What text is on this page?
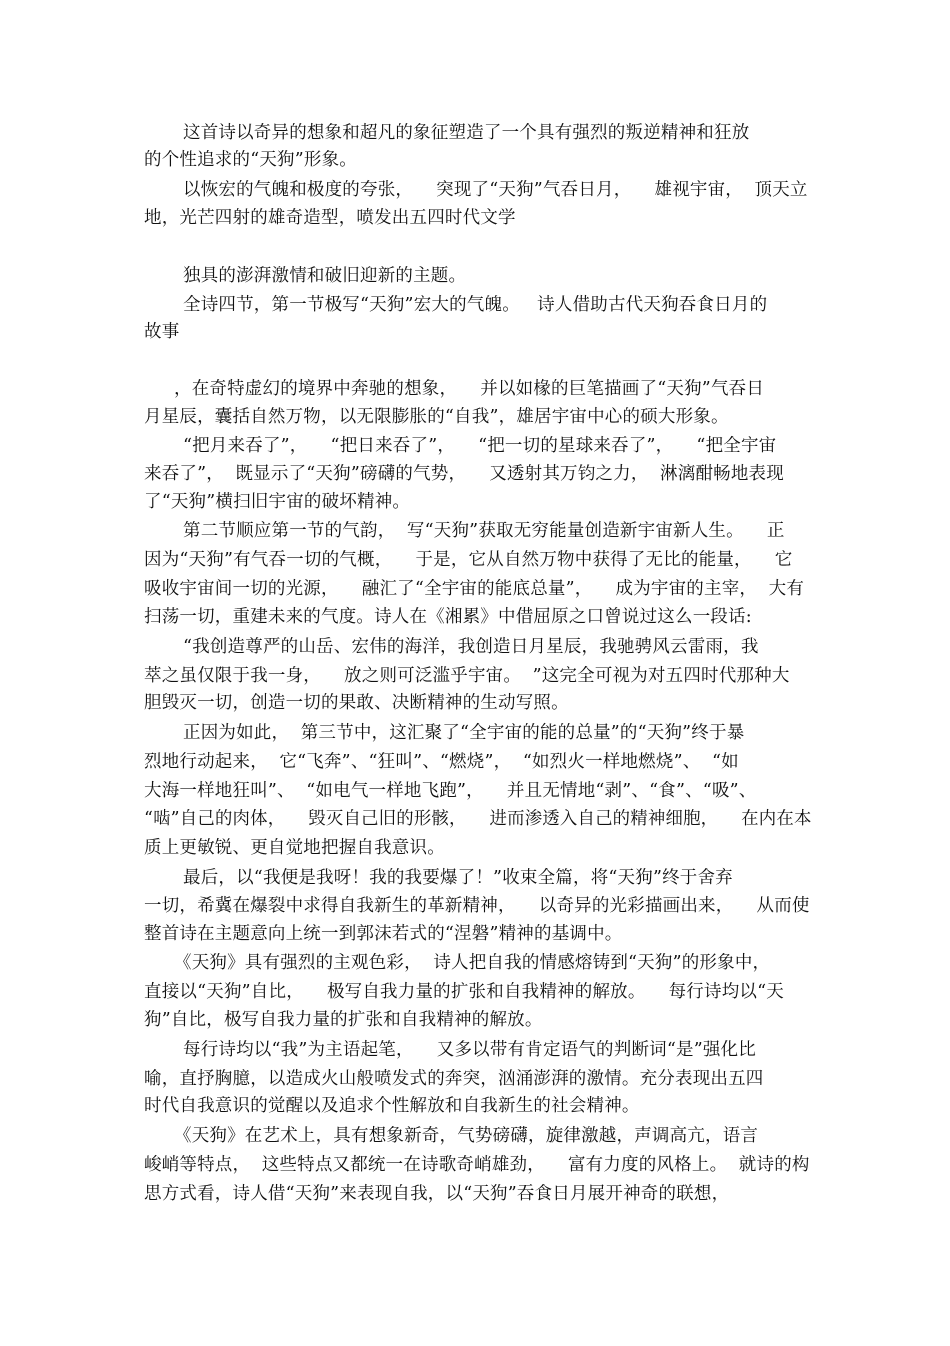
这首诗以奇异的想象和超凡的象征塑造了一个具有强烈的叛逆精神和狂放
的个性追求的“天狗”形象。
以恢宏的气魄和极度的夸张，    突现了“天狗”气吞日月，    雄视宇宙，  顶天立
地，光芒四射的雄奇造型，喷发出五四时代文学
独具的澎湃激情和破旧迎新的主题。
全诗四节，第一节极写“天狗”宏大的气魄。   诗人借助古代天狗吞食日月的
故事
，在奇特虚幻的境界中奔驰的想象，    并以如椽的巨笔描画了“天狗”气吞日
月星辰，囊括自然万物，以无限膨胀的“自我”，雄居宇宙中心的硕大形象。
“把月来吞了”，    “把日来吞了”，    “把一切的星球来吞了”，    “把全宇宙
来吞了”，  既显示了“天狗”磅礴的气势，    又透射其万钧之力，  淋漓酣畅地表现
了“天狗”横扫旧宇宙的破坏精神。
第二节顺应第一节的气韵，  写“天狗”获取无穷能量创造新宇宙新人生。    正
因为“天狗”有气吞一切的气概，    于是，它从自然万物中获得了无比的能量，    它
吸收宇宙间一切的光源，    融汇了“全宇宙的能底总量”，    成为宇宙的主宰，  大有
扫荡一切，重建未来的气度。诗人在《湘累》中借屈原之口曾说过这么一段话:
“我创造尊严的山岳、宏伟的海洋，我创造日月星辰，我驰骋风云雷雨，我
萃之虽仅限于我一身，    放之则可泛滥乎宇宙。  ”这完全可视为对五四时代那种大
胆毁灭一切，创造一切的果敢、决断精神的生动写照。
正因为如此，  第三节中，这汇聚了“全宇宙的能的总量”的“天狗”终于暴
烈地行动起来，  它“飞奔”、“狂叫”、“燃烧”，  “如烈火一样地燃烧”、  “如
大海一样地狂叫”、  “如电气一样地飞跑”，    并且无情地“剥”、“食”、“吸”、
“啮”自己的肉体，    毁灭自己旧的形骸，    进而渗透入自己的精神细胞，    在内在本
质上更敏锐、更自觉地把握自我意识。
最后，以“我便是我呀！我的我要爆了！”收束全篇，将“天狗”终于舍弃
一切，希冀在爆裂中求得自我新生的革新精神，    以奇异的光彩描画出来，    从而使
整首诗在主题意向上统一到郭沫若式的“涅磐”精神的基调中。
《天狗》具有强烈的主观色彩，  诗人把自我的情感熔铸到“天狗”的形象中，
直接以“天狗”自比，    极写自我力量的扩张和自我精神的解放。    每行诗均以“天
狗”自比，极写自我力量的扩张和自我精神的解放。
每行诗均以“我”为主语起笔，    又多以带有肯定语气的判断词“是”强化比
喻，直抒胸臆，以造成火山般喷发式的奔突，汹涌澎湃的激情。充分表现出五四
时代自我意识的觉醒以及追求个性解放和自我新生的社会精神。
《天狗》在艺术上，具有想象新奇，气势磅礴，旋律激越，声调高亢，语言
峻峭等特点，  这些特点又都统一在诗歌奇峭雄劲，    富有力度的风格上。  就诗的构
思方式看，诗人借“天狗”来表现自我，以“天狗”吞食日月展开神奇的联想，
